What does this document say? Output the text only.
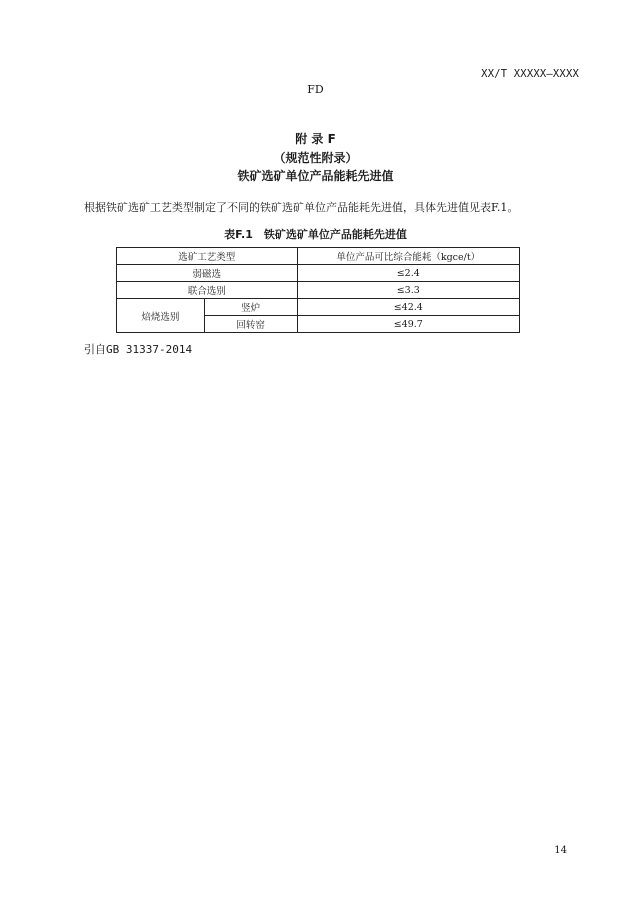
XX/T XXXXX—XXXX
FD
附 录 F
（规范性附录）
铁矿选矿单位产品能耗先进值
根据铁矿选矿工艺类型制定了不同的铁矿选矿单位产品能耗先进值，具体先进值见表F.1。
表F.1　铁矿选矿单位产品能耗先进值
选矿工艺类型		单位产品可比综合能耗（kgce/t）
弱磁选		≤2.4
联合选别		≤3.3
焙烧选别	竖炉	≤42.4
	回转窑	≤49.7
引自GB 31337-2014
14
